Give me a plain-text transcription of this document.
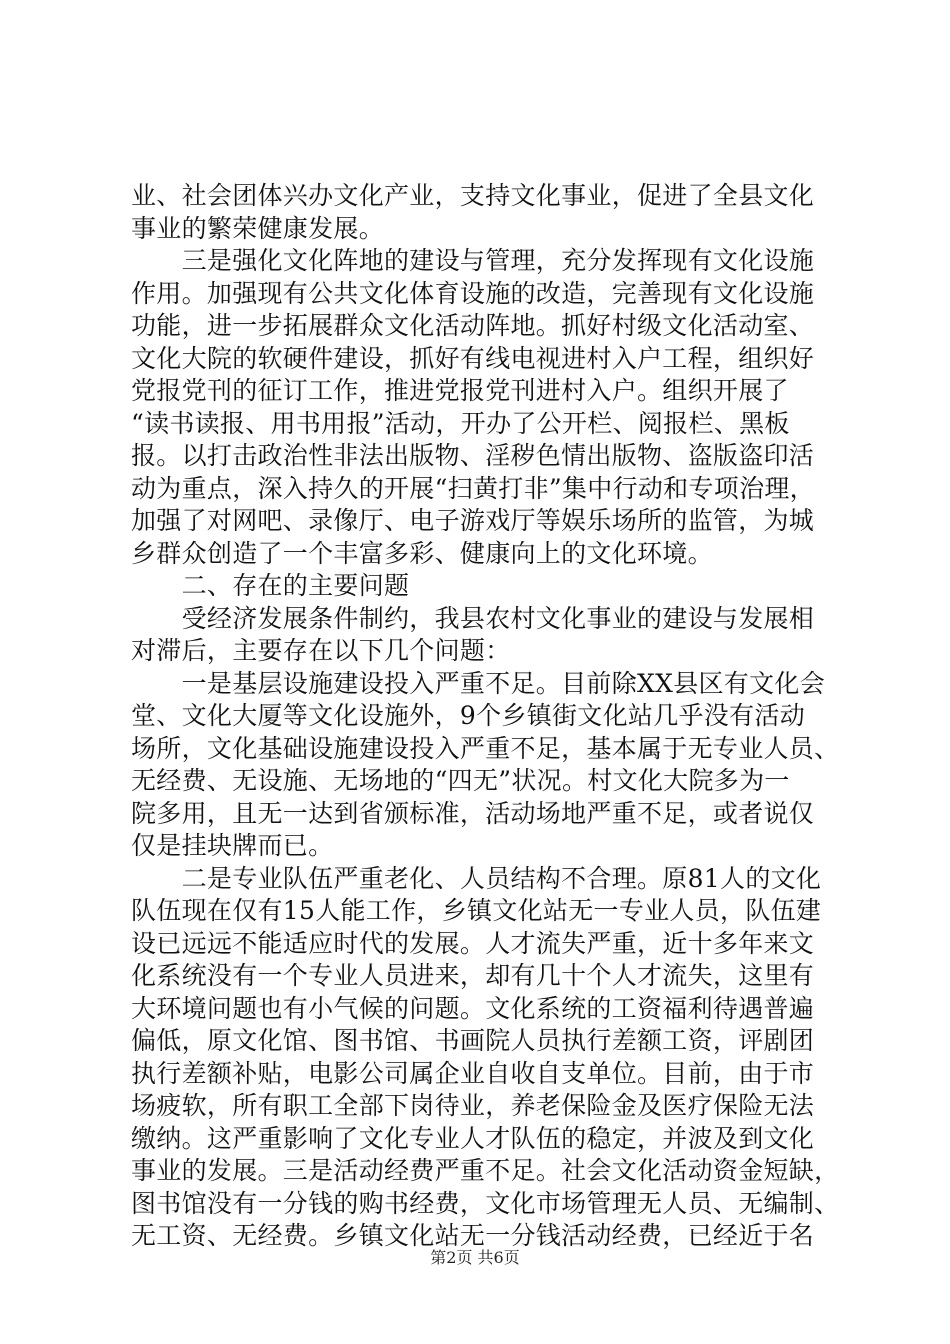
业、社会团体兴办文化产业，支持文化事业，促进了全县文化
事业的繁荣健康发展。
　　三是强化文化阵地的建设与管理，充分发挥现有文化设施
作用。加强现有公共文化体育设施的改造，完善现有文化设施
功能，进一步拓展群众文化活动阵地。抓好村级文化活动室、
文化大院的软硬件建设，抓好有线电视进村入户工程，组织好
党报党刊的征订工作，推进党报党刊进村入户。组织开展了
“读书读报、用书用报”活动，开办了公开栏、阅报栏、黑板
报。以打击政治性非法出版物、淫秽色情出版物、盗版盗印活
动为重点，深入持久的开展“扫黄打非”集中行动和专项治理，
加强了对网吧、录像厅、电子游戏厅等娱乐场所的监管，为城
乡群众创造了一个丰富多彩、健康向上的文化环境。
　　二、存在的主要问题
　　受经济发展条件制约，我县农村文化事业的建设与发展相
对滞后，主要存在以下几个问题：
　　一是基层设施建设投入严重不足。目前除XX县区有文化会
堂、文化大厦等文化设施外，9个乡镇街文化站几乎没有活动
场所，文化基础设施建设投入严重不足，基本属于无专业人员、
无经费、无设施、无场地的“四无”状况。村文化大院多为一
院多用，且无一达到省颁标准，活动场地严重不足，或者说仅
仅是挂块牌而已。
　　二是专业队伍严重老化、人员结构不合理。原81人的文化
队伍现在仅有15人能工作，乡镇文化站无一专业人员，队伍建
设已远远不能适应时代的发展。人才流失严重，近十多年来文
化系统没有一个专业人员进来，却有几十个人才流失，这里有
大环境问题也有小气候的问题。文化系统的工资福利待遇普遍
偏低，原文化馆、图书馆、书画院人员执行差额工资，评剧团
执行差额补贴，电影公司属企业自收自支单位。目前，由于市
场疲软，所有职工全部下岗待业，养老保险金及医疗保险无法
缴纳。这严重影响了文化专业人才队伍的稳定，并波及到文化
事业的发展。三是活动经费严重不足。社会文化活动资金短缺，
图书馆没有一分钱的购书经费，文化市场管理无人员、无编制、
无工资、无经费。乡镇文化站无一分钱活动经费，已经近于名
第2页 共6页
